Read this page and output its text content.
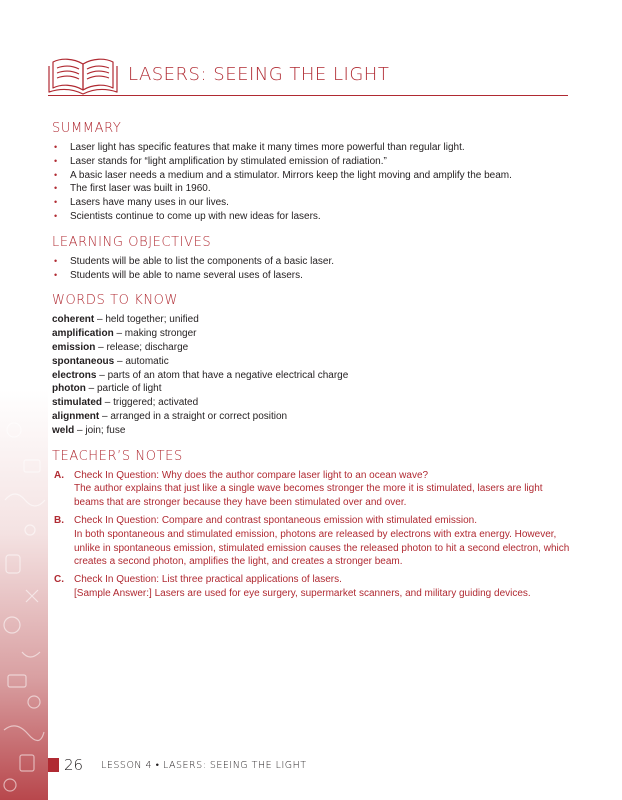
LASERS: SEEING THE LIGHT
SUMMARY
• Laser light has specific features that make it many times more powerful than regular light.
• Laser stands for “light amplification by stimulated emission of radiation.”
• A basic laser needs a medium and a stimulator. Mirrors keep the light moving and amplify the beam.
• The first laser was built in 1960.
• Lasers have many uses in our lives.
• Scientists continue to come up with new ideas for lasers.
LEARNING OBJECTIVES
• Students will be able to list the components of a basic laser.
• Students will be able to name several uses of lasers.
WORDS TO KNOW
coherent – held together; unified
amplification – making stronger
emission – release; discharge
spontaneous – automatic
electrons – parts of an atom that have a negative electrical charge
photon – particle of light
stimulated – triggered; activated
alignment – arranged in a straight or correct position
weld – join; fuse
TEACHER’S NOTES
A. Check In Question: Why does the author compare laser light to an ocean wave?

The author explains that just like a single wave becomes stronger the more it is stimulated, lasers are light beams that are stronger because they have been stimulated over and over.

B. Check In Question: Compare and contrast spontaneous emission with stimulated emission.

In both spontaneous and stimulated emission, photons are released by electrons with extra energy. However, unlike in spontaneous emission, stimulated emission causes the released photon to hit a second electron, which creates a second photon, amplifies the light, and creates a stronger beam.

C. Check In Question: List three practical applications of lasers.

[Sample Answer:] Lasers are used for eye surgery, supermarket scanners, and military guiding devices.

26 LESSON 4 • LASERS: SEEING THE LIGHT
